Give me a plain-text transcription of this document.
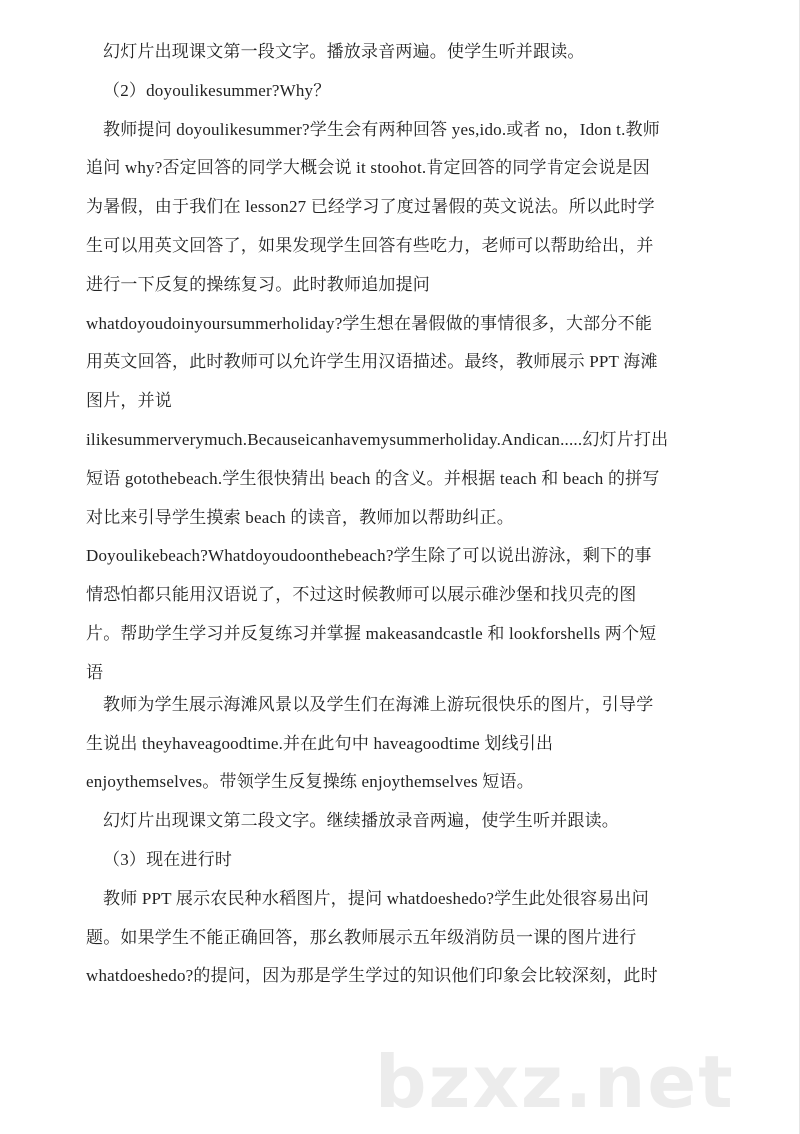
bzxz.net
幻灯片出现课文第一段文字。播放录音两遍。使学生听并跟读。
（2）doyoulikesummer?Why？
教师提问 doyoulikesummer?学生会有两种回答 yes,ido.或者 no，Idon t.教师
追问 why?否定回答的同学大概会说 it stoohot.肯定回答的同学肯定会说是因
为暑假，由于我们在 lesson27 已经学习了度过暑假的英文说法。所以此时学
生可以用英文回答了，如果发现学生回答有些吃力，老师可以帮助给出，并
进行一下反复的操练复习。此时教师追加提问
whatdoyoudoinyoursummerholiday?学生想在暑假做的事情很多，大部分不能
用英文回答，此时教师可以允许学生用汉语描述。最终，教师展示 PPT 海滩
图片，并说
ilikesummerverymuch.Becauseicanhavemysummerholiday.Andican.....幻灯片打出
短语 gotothebeach.学生很快猜出 beach 的含义。并根据 teach 和 beach 的拼写
对比来引导学生摸索 beach 的读音，教师加以帮助纠正。
Doyoulikebeach?Whatdoyoudoonthebeach?学生除了可以说出游泳，剩下的事
情恐怕都只能用汉语说了，不过这时候教师可以展示碓沙堡和找贝壳的图
片。帮助学生学习并反复练习并掌握 makeasandcastle 和 lookforshells 两个短
语
教师为学生展示海滩风景以及学生们在海滩上游玩很快乐的图片，引导学
生说出 theyhaveagoodtime.并在此句中 haveagoodtime 划线引出
enjoythemselves。带领学生反复操练 enjoythemselves 短语。
幻灯片出现课文第二段文字。继续播放录音两遍，使学生听并跟读。
（3）现在进行时
教师 PPT 展示农民种水稻图片，提问 whatdoeshedo?学生此处很容易出问
题。如果学生不能正确回答，那幺教师展示五年级消防员一课的图片进行
whatdoeshedo?的提问，因为那是学生学过的知识他们印象会比较深刻，此时
